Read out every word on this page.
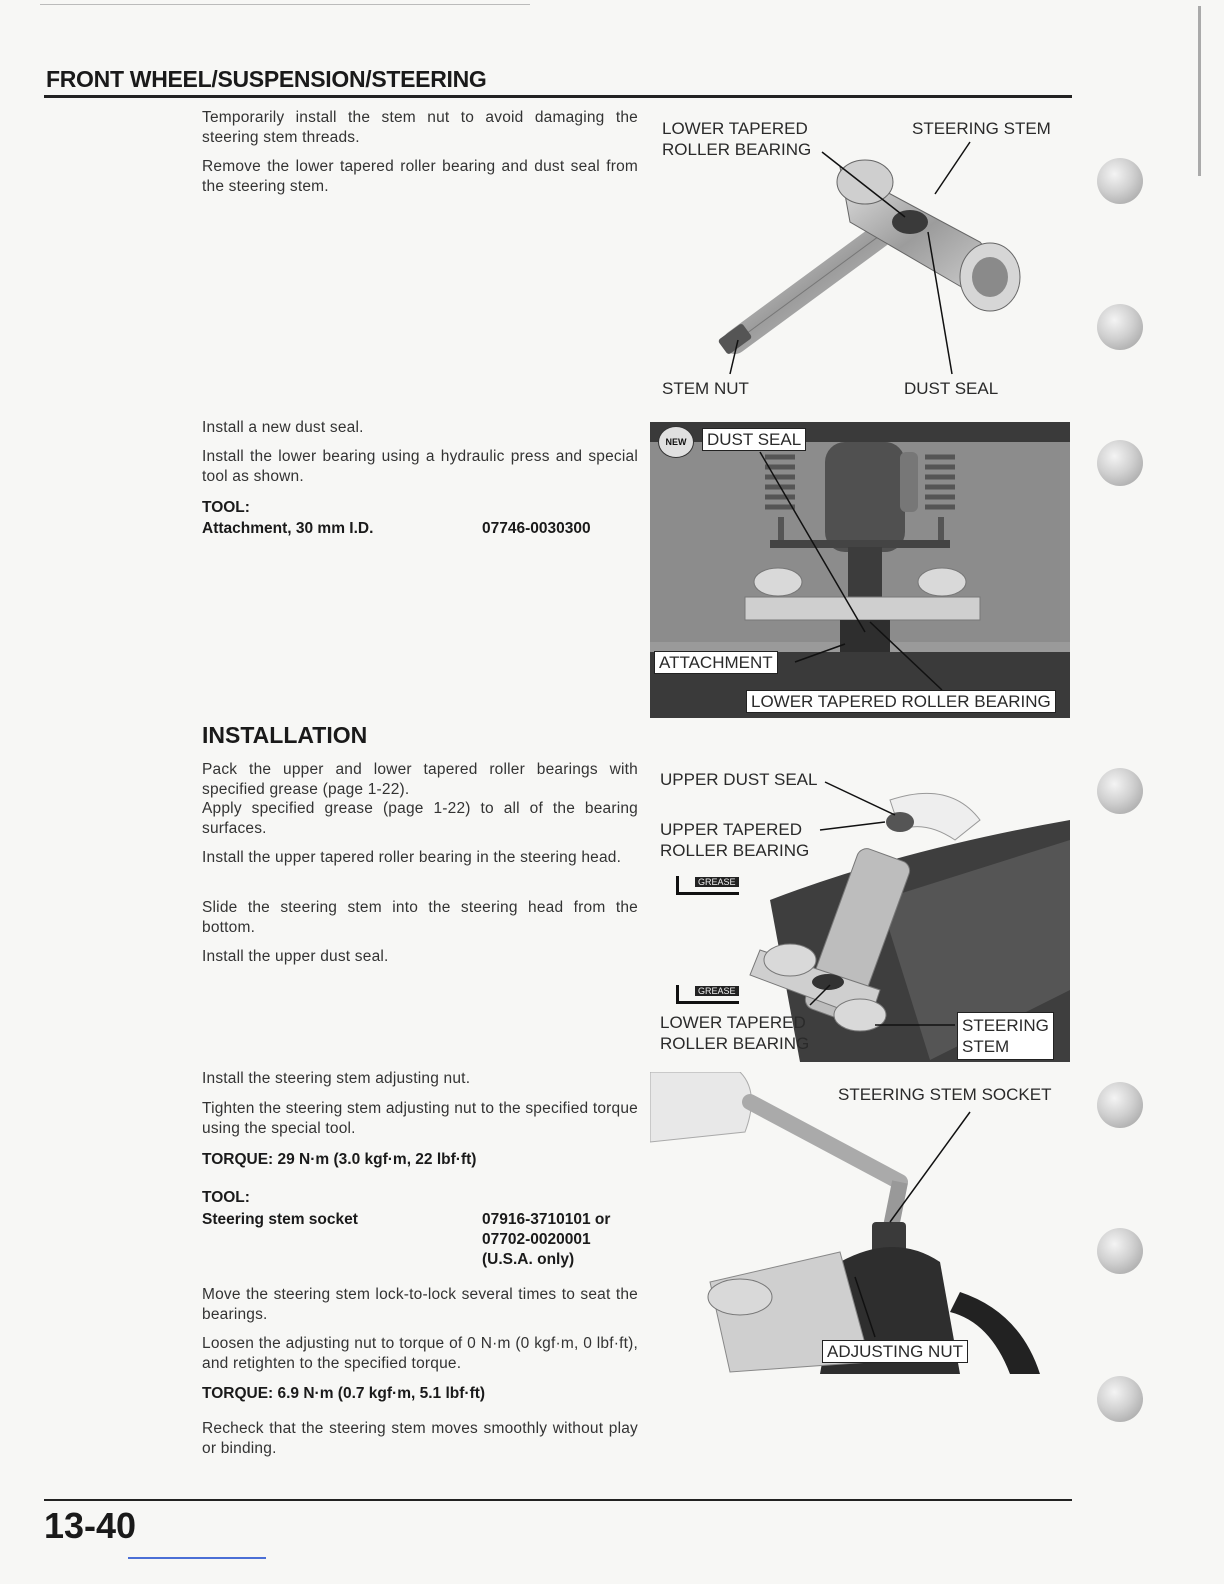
FRONT WHEEL/SUSPENSION/STEERING
Temporarily install the stem nut to avoid damaging the steering stem threads.
Remove the lower tapered roller bearing and dust seal from the steering stem.
LOWER TAPERED
ROLLER BEARING
STEERING STEM
STEM NUT	DUST SEAL
Install a new dust seal.
Install the lower bearing using a hydraulic press and special tool as shown.
TOOL:
Attachment, 30 mm I.D.	07746-0030300
NEW	DUST SEAL
ATTACHMENT
LOWER TAPERED ROLLER BEARING
INSTALLATION
Pack the upper and lower tapered roller bearings with specified grease (page 1-22).
Apply specified grease (page 1-22) to all of the bearing surfaces.
Install the upper tapered roller bearing in the steering head.
Slide the steering stem into the steering head from the bottom.
Install the upper dust seal.
UPPER DUST SEAL
UPPER TAPERED
ROLLER BEARING
GREASE
GREASE
LOWER TAPERED
ROLLER BEARING
STEERING
STEM
Install the steering stem adjusting nut.
Tighten the steering stem adjusting nut to the specified torque using the special tool.
TORQUE: 29 N·m (3.0 kgf·m, 22 lbf·ft)
TOOL:
Steering stem socket	07916-3710101 or
07702-0020001
(U.S.A. only)
Move the steering stem lock-to-lock several times to seat the bearings.
Loosen the adjusting nut to torque of 0 N·m (0 kgf·m, 0 lbf·ft), and retighten to the specified torque.
TORQUE: 6.9 N·m (0.7 kgf·m, 5.1 lbf·ft)
Recheck that the steering stem moves smoothly without play or binding.
STEERING STEM SOCKET
ADJUSTING NUT
13-40
